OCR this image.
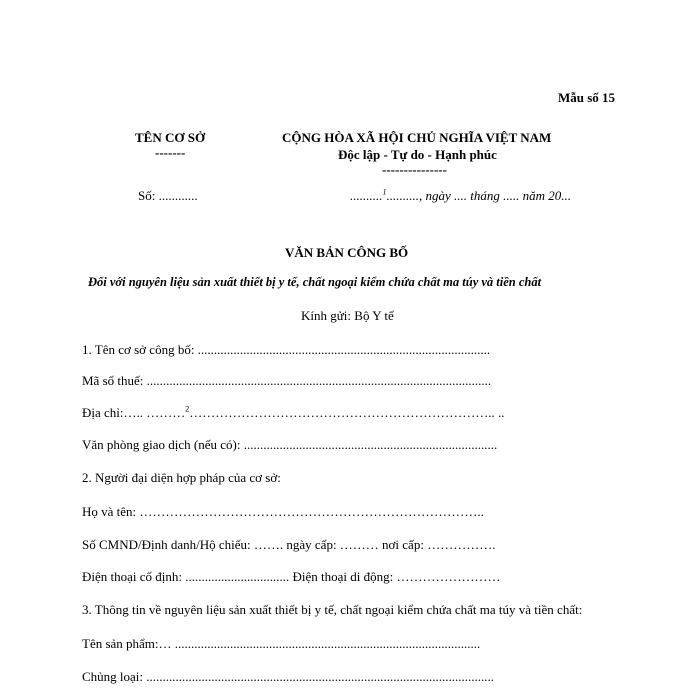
Mẫu số 15
TÊN CƠ SỞ
-------
CỘNG HÒA XÃ HỘI CHỦ NGHĨA VIỆT NAM
Độc lập - Tự do - Hạnh phúc
---------------
Số: ............	..........$^1$.........., ngày .... tháng ..... năm 20...
VĂN BẢN CÔNG BỐ
Đối với nguyên liệu sản xuất thiết bị y tế, chất ngoại kiểm chứa chất ma túy và tiền chất
Kính gửi: Bộ Y tế
1. Tên cơ sở công bố: ..........................................................................................
Mã số thuế: ..........................................................................................................
Địa chỉ:….. ………$^2$…………………………………………………………….. ..
Văn phòng giao dịch (nếu có): ..............................................................................
2. Người đại diện hợp pháp của cơ sở:
Họ và tên: ……………………………………………………………………..
Số CMND/Định danh/Hộ chiếu: ……. ngày cấp: ……… nơi cấp: …………….
Điện thoại cố định: ................................ Điện thoại di động: ……………………
3. Thông tin về nguyên liệu sản xuất thiết bị y tế, chất ngoại kiểm chứa chất ma túy và tiền chất:
Tên sản phẩm:… ..............................................................................................
Chủng loại: ...........................................................................................................
